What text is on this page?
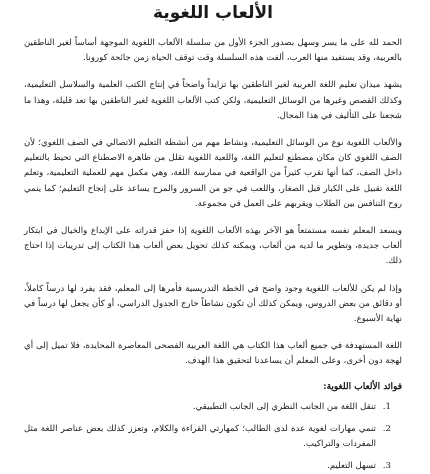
الألعاب اللغوية

الحمد لله على ما يسر وسهل بصدور الجزء الأول من سلسلة الألعاب اللغوية الموجهة أساساً لغير الناطقين بالعربية، وقد يستفيد منها العرب، ألفت هذه السلسلة وقت توقف الحياة زمن جائحة كورونا.

يشهد ميدان تعليم اللغة العربية لغير الناطقين بها تزايداً واضحاً في إنتاج الكتب العلمية والسلاسل التعليمية، وكذلك القصص وغيرها من الوسائل التعليمية، ولكن كتب الألعاب اللغوية لغير الناطقين بها تعد قليلة، وهذا ما شجعنا على التأليف في هذا المجال.

والألعاب اللغوية نوع من الوسائل التعليمية، ونشاط مهم من أنشطة التعليم الاتصالي في الصف اللغوي؛ لأن الصف اللغوي كان مكان مصطنع لتعليم اللغة، واللعبة اللغوية تقلل من ظاهرة الاصطناع التي تحيط بالتعليم داخل الصف، كما أنها تقرب كثيراً من الواقعية في ممارسة اللغة، وهي مكمل مهم للعملية التعليمية، وتعلم اللغة تقبيل على الكبار قبل الصغار، واللعب في جو من السرور والمرح يساعد على إنجاح التعليم؛ كما ينمي روح التنافس بين الطلاب ويقربهم على العمل في مجموعة.

ويسعد المعلم نفسه مستمتعاً هو الآخر بهذه الألعاب اللغوية إذا حفز قدراته على الإبداع والخيال في ابتكار ألعاب جديدة، وتطوير ما لديه من ألعاب، ويمكنه كذلك تحويل بعض ألعاب هذا الكتاب إلى تدريبات إذا احتاج ذلك.

وإذا لم يكن للألعاب اللغوية وجود واضح في الخطة التدريسية فأمرها إلى المعلم، فقد يفرد لها درساً كاملاً، أو دقائق من بعض الدروس، ويمكن كذلك أن تكون نشاطاً خارج الجدول الدراسي، أو كأن يجعل لها درساً في نهاية الأسبوع.

اللغة المستهدفة في جميع ألعاب هذا الكتاب هي اللغة العربية الفصحى المعاصرة المحايدة، فلا تميل إلى أي لهجة دون أخرى، وعلى المعلم أن يساعدنا لتحقيق هذا الهدف.

فوائد الألعاب اللغوية:
1. تنقل اللغة من الجانب النظري إلى الجانب التطبيقي.
2. تنمي مهارات لغوية عدة لدى الطالب؛ كمهارتي القراءة والكلام، وتعزز كذلك بعض عناصر اللغة مثل المفردات والتراكيب.
3. تسهل التعليم.
